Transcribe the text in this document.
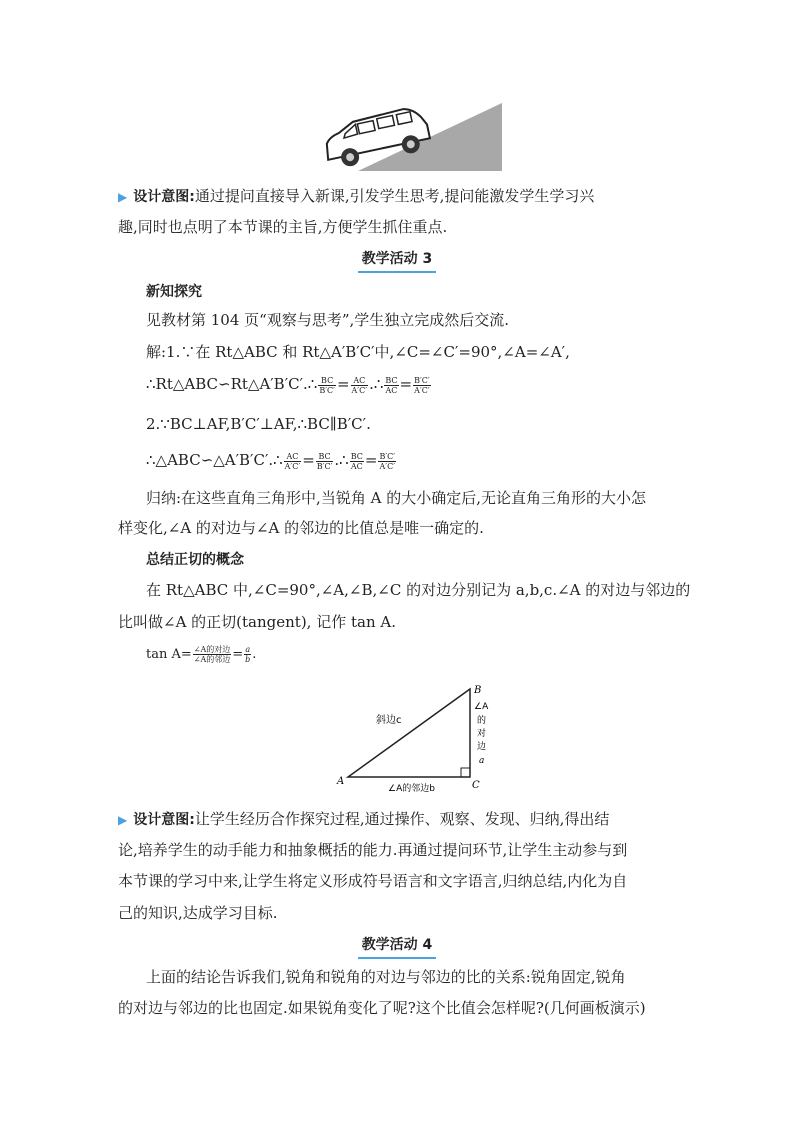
▶ 设计意图:通过提问直接导入新课,引发学生思考,提问能激发学生学习兴
趣,同时也点明了本节课的主旨,方便学生抓住重点.
教学活动 3
新知探究
见教材第 104 页“观察与思考”,学生独立完成然后交流.
解:1.∵在 Rt△ABC 和 Rt△A′B′C′中,∠C=∠C′=90°,∠A=∠A′,
∴Rt△ABC∽Rt△A′B′C′.∴ $\frac{BC}{B'C'} = \frac{AC}{A'C'}$ .∴ $\frac{BC}{AC} = \frac{B'C'}{A'C'}$
2.∵BC⊥AF,B′C′⊥AF,∴BC∥B′C′.
∴△ABC∽△A′B′C′.∴ $\frac{AC}{A'C'} = \frac{BC}{B'C'}$ .∴ $\frac{BC}{AC} = \frac{B'C'}{A'C'}$
归纳:在这些直角三角形中,当锐角 A 的大小确定后,无论直角三角形的大小怎
样变化,∠A 的对边与∠A 的邻边的比值总是唯一确定的.
总结正切的概念
在 Rt△ABC 中,∠C=90°,∠A,∠B,∠C 的对边分别记为 a,b,c.∠A 的对边与邻边的
比叫做∠A 的正切(tangent), 记作 tan A.
$\tan A= \frac{\text{∠A的对边}}{\text{∠A的邻边}} = \frac{a}{b}$ .
A
B
C
斜边c
∠A的邻边b
∠A
的
对
边
a
▶ 设计意图:让学生经历合作探究过程,通过操作、观察、发现、归纳,得出结
论,培养学生的动手能力和抽象概括的能力.再通过提问环节,让学生主动参与到
本节课的学习中来,让学生将定义形成符号语言和文字语言,归纳总结,内化为自
己的知识,达成学习目标.
教学活动 4
上面的结论告诉我们,锐角和锐角的对边与邻边的比的关系:锐角固定,锐角
的对边与邻边的比也固定.如果锐角变化了呢?这个比值会怎样呢?(几何画板演示)
